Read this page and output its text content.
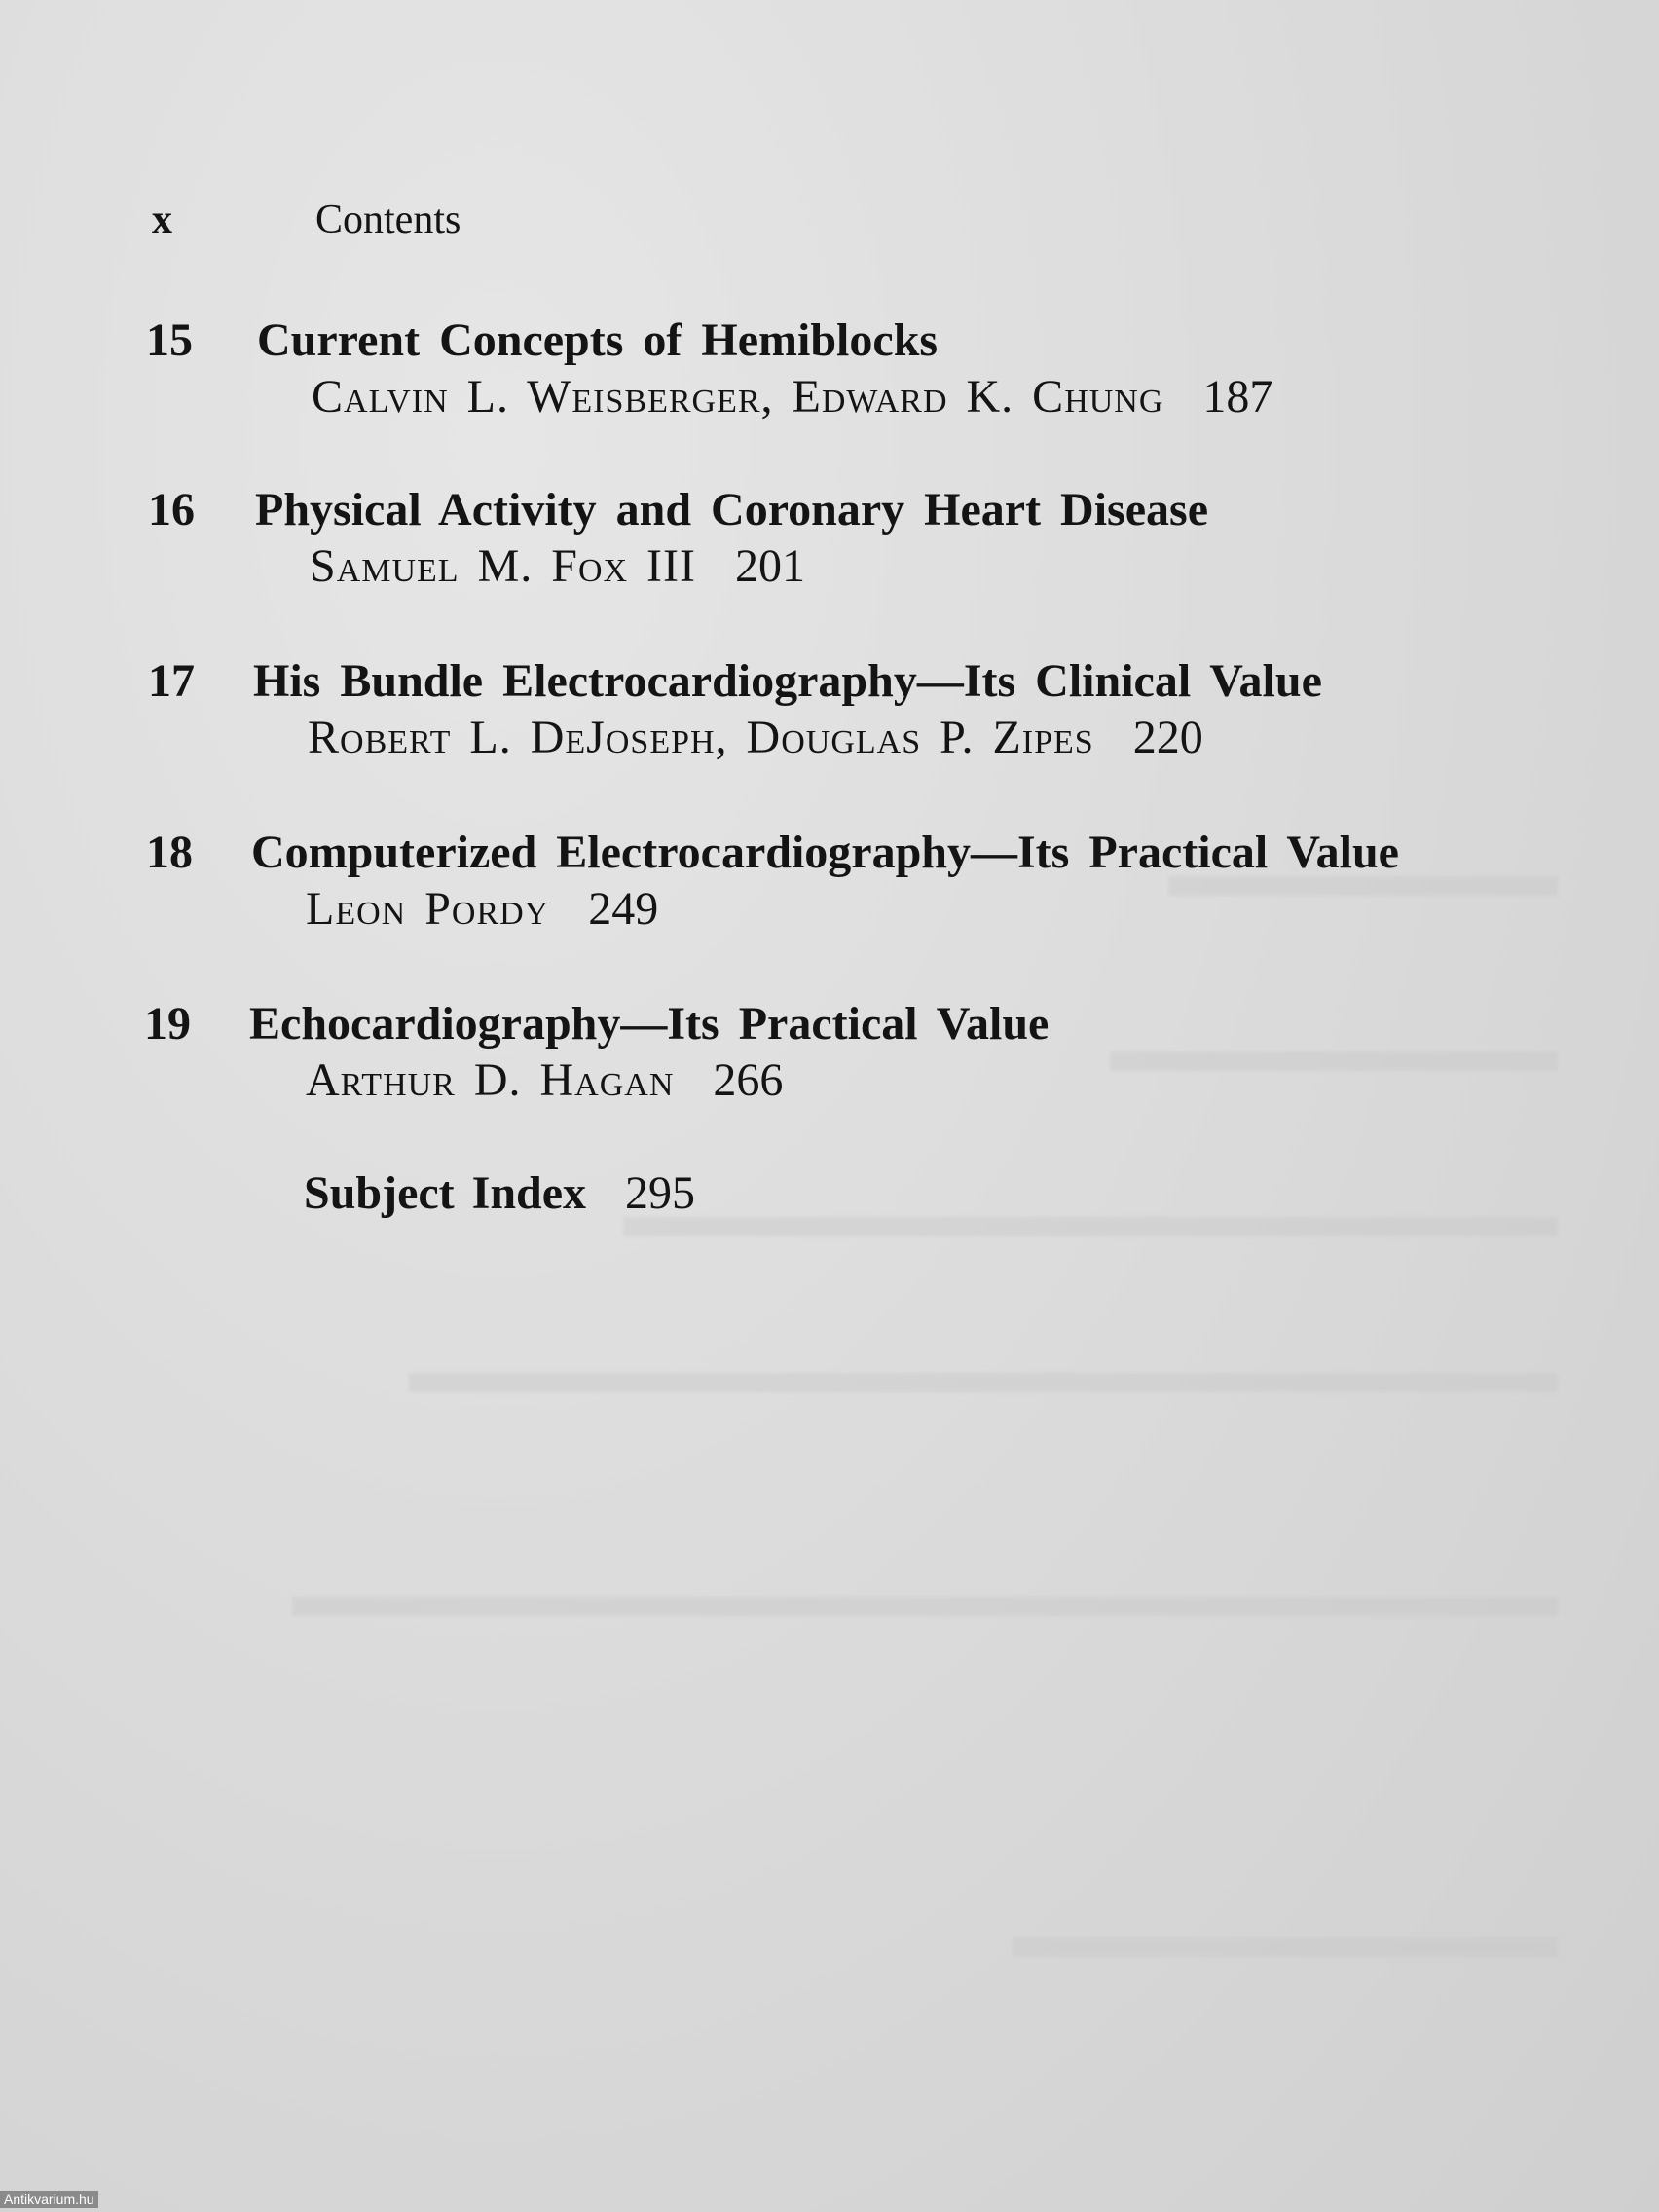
x	Contents
15 Current Concepts of Hemiblocks
Calvin L. Weisberger, Edward K. Chung 187
16 Physical Activity and Coronary Heart Disease
Samuel M. Fox III 201
17 His Bundle Electrocardiography—Its Clinical Value
Robert L. DeJoseph, Douglas P. Zipes 220
18 Computerized Electrocardiography—Its Practical Value
Leon Pordy 249
19 Echocardiography—Its Practical Value
Arthur D. Hagan 266
Subject Index 295
Antikvarium.hu
